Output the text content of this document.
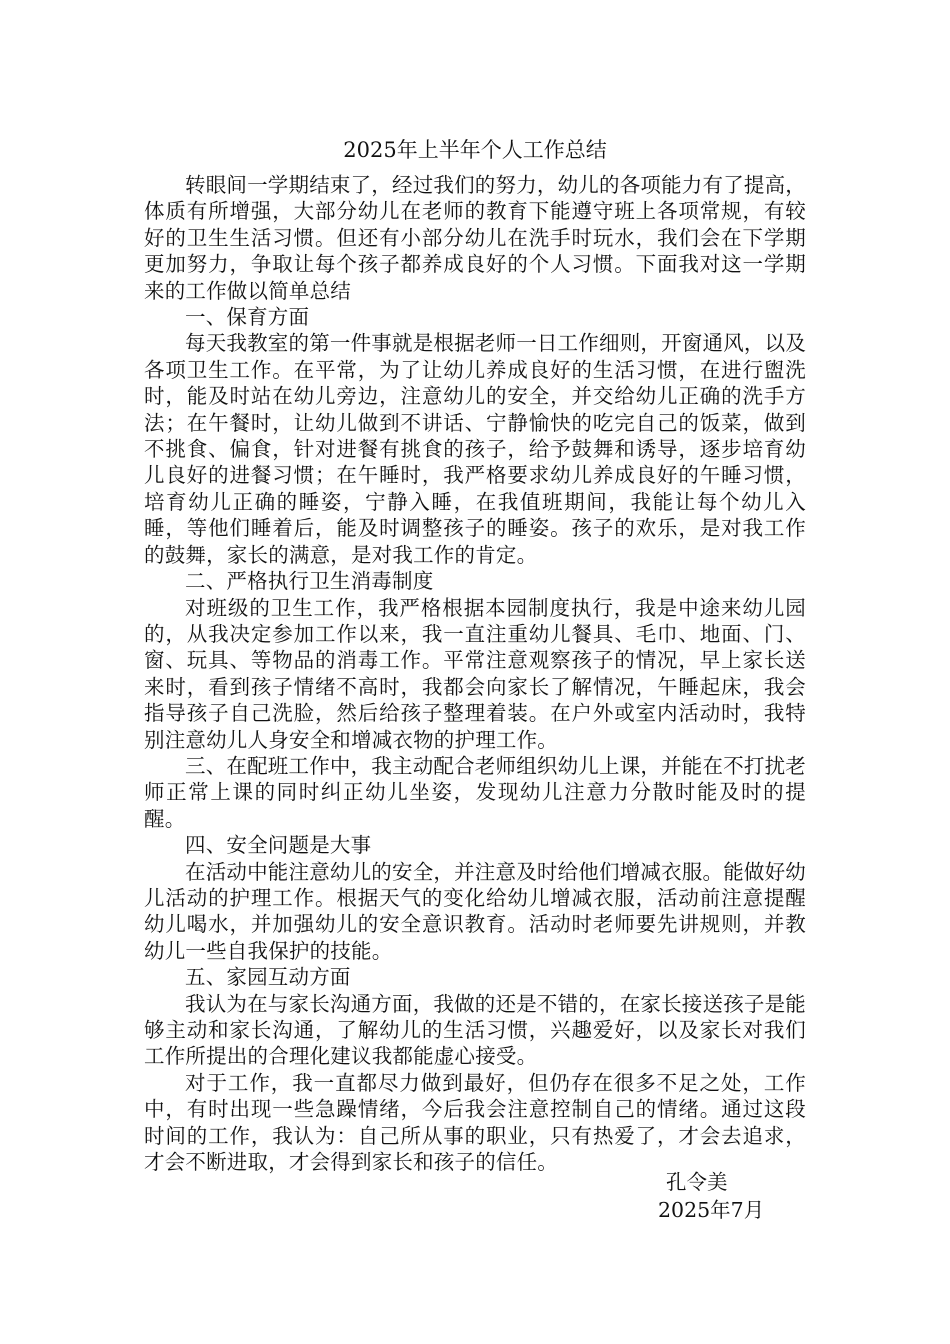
2025年上半年个人工作总结

转眼间一学期结束了，经过我们的努力，幼儿的各项能力有了提高，体质有所增强，大部分幼儿在老师的教育下能遵守班上各项常规，有较好的卫生生活习惯。但还有小部分幼儿在洗手时玩水，我们会在下学期更加努力，争取让每个孩子都养成良好的个人习惯。下面我对这一学期来的工作做以简单总结

一、保育方面

每天我教室的第一件事就是根据老师一日工作细则，开窗通风，以及各项卫生工作。在平常，为了让幼儿养成良好的生活习惯，在进行盥洗时，能及时站在幼儿旁边，注意幼儿的安全，并交给幼儿正确的洗手方法；在午餐时，让幼儿做到不讲话、宁静愉快的吃完自己的饭菜，做到不挑食、偏食，针对进餐有挑食的孩子，给予鼓舞和诱导，逐步培育幼儿良好的进餐习惯；在午睡时，我严格要求幼儿养成良好的午睡习惯，培育幼儿正确的睡姿，宁静入睡，在我值班期间，我能让每个幼儿入睡，等他们睡着后，能及时调整孩子的睡姿。孩子的欢乐，是对我工作的鼓舞，家长的满意，是对我工作的肯定。

二、严格执行卫生消毒制度

对班级的卫生工作，我严格根据本园制度执行，我是中途来幼儿园的，从我决定参加工作以来，我一直注重幼儿餐具、毛巾、地面、门、窗、玩具、等物品的消毒工作。平常注意观察孩子的情况，早上家长送来时，看到孩子情绪不高时，我都会向家长了解情况，午睡起床，我会指导孩子自己洗脸，然后给孩子整理着装。在户外或室内活动时，我特别注意幼儿人身安全和增减衣物的护理工作。

三、在配班工作中，我主动配合老师组织幼儿上课，并能在不打扰老师正常上课的同时纠正幼儿坐姿，发现幼儿注意力分散时能及时的提醒。

四、安全问题是大事

在活动中能注意幼儿的安全，并注意及时给他们增减衣服。能做好幼儿活动的护理工作。根据天气的变化给幼儿增减衣服，活动前注意提醒幼儿喝水，并加强幼儿的安全意识教育。活动时老师要先讲规则，并教幼儿一些自我保护的技能。

五、家园互动方面

我认为在与家长沟通方面，我做的还是不错的，在家长接送孩子是能够主动和家长沟通，了解幼儿的生活习惯，兴趣爱好，以及家长对我们工作所提出的合理化建议我都能虚心接受。

对于工作，我一直都尽力做到最好，但仍存在很多不足之处，工作中，有时出现一些急躁情绪，今后我会注意控制自己的情绪。通过这段时间的工作，我认为：自己所从事的职业，只有热爱了，才会去追求，才会不断进取，才会得到家长和孩子的信任。

孔令美
2025年7月
